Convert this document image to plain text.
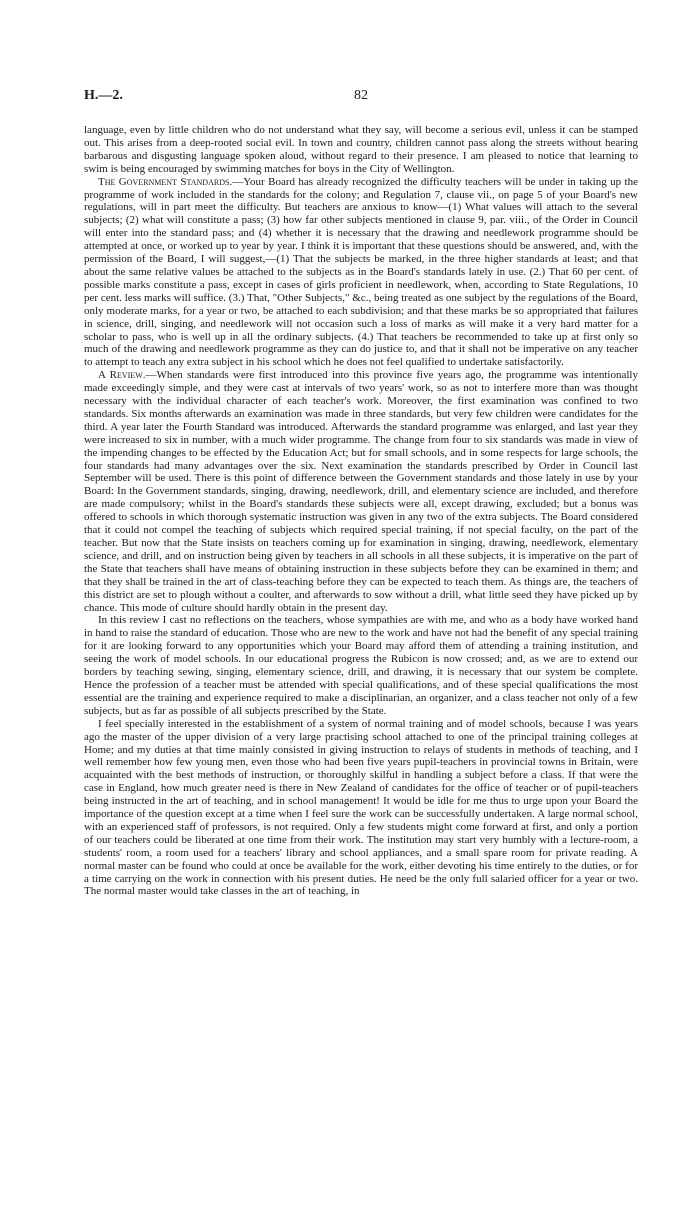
H.—2.	82

language, even by little children who do not understand what they say, will become a serious evil, unless it can be stamped out. This arises from a deep-rooted social evil. In town and country, children cannot pass along the streets without hearing barbarous and disgusting language spoken aloud, without regard to their presence. I am pleased to notice that learning to swim is being encouraged by swimming matches for boys in the City of Wellington.

The Government Standards.—Your Board has already recognized the difficulty teachers will be under in taking up the programme of work included in the standards for the colony; and Regulation 7, clause vii., on page 5 of your Board's new regulations, will in part meet the difficulty. But teachers are anxious to know—(1) What values will attach to the several subjects; (2) what will constitute a pass; (3) how far other subjects mentioned in clause 9, par. viii., of the Order in Council will enter into the standard pass; and (4) whether it is necessary that the drawing and needlework programme should be attempted at once, or worked up to year by year. I think it is important that these questions should be answered, and, with the permission of the Board, I will suggest,—(1) That the subjects be marked, in the three higher standards at least; and that about the same relative values be attached to the subjects as in the Board's standards lately in use. (2.) That 60 per cent. of possible marks constitute a pass, except in cases of girls proficient in needlework, when, according to State Regulations, 10 per cent. less marks will suffice. (3.) That, "Other Subjects," &c., being treated as one subject by the regulations of the Board, only moderate marks, for a year or two, be attached to each subdivision; and that these marks be so appropriated that failures in science, drill, singing, and needlework will not occasion such a loss of marks as will make it a very hard matter for a scholar to pass, who is well up in all the ordinary subjects. (4.) That teachers be recommended to take up at first only so much of the drawing and needlework programme as they can do justice to, and that it shall not be imperative on any teacher to attempt to teach any extra subject in his school which he does not feel qualified to undertake satisfactorily.

A Review.—When standards were first introduced into this province five years ago, the programme was intentionally made exceedingly simple, and they were cast at intervals of two years' work, so as not to interfere more than was thought necessary with the individual character of each teacher's work. Moreover, the first examination was confined to two standards. Six months afterwards an examination was made in three standards, but very few children were candidates for the third. A year later the Fourth Standard was introduced. Afterwards the standard programme was enlarged, and last year they were increased to six in number, with a much wider programme. The change from four to six standards was made in view of the impending changes to be effected by the Education Act; but for small schools, and in some respects for large schools, the four standards had many advantages over the six. Next examination the standards prescribed by Order in Council last September will be used. There is this point of difference between the Government standards and those lately in use by your Board: In the Government standards, singing, drawing, needlework, drill, and elementary science are included, and therefore are made compulsory; whilst in the Board's standards these subjects were all, except drawing, excluded; but a bonus was offered to schools in which thorough systematic instruction was given in any two of the extra subjects. The Board considered that it could not compel the teaching of subjects which required special training, if not special faculty, on the part of the teacher. But now that the State insists on teachers coming up for examination in singing, drawing, needlework, elementary science, and drill, and on instruction being given by teachers in all schools in all these subjects, it is imperative on the part of the State that teachers shall have means of obtaining instruction in these subjects before they can be examined in them; and that they shall be trained in the art of class-teaching before they can be expected to teach them. As things are, the teachers of this district are set to plough without a coulter, and afterwards to sow without a drill, what little seed they have picked up by chance. This mode of culture should hardly obtain in the present day.

In this review I cast no reflections on the teachers, whose sympathies are with me, and who as a body have worked hand in hand to raise the standard of education. Those who are new to the work and have not had the benefit of any special training for it are looking forward to any opportunities which your Board may afford them of attending a training institution, and seeing the work of model schools. In our educational progress the Rubicon is now crossed; and, as we are to extend our borders by teaching sewing, singing, elementary science, drill, and drawing, it is necessary that our system be complete. Hence the profession of a teacher must be attended with special qualifications, and of these special qualifications the most essential are the training and experience required to make a disciplinarian, an organizer, and a class teacher not only of a few subjects, but as far as possible of all subjects prescribed by the State.

I feel specially interested in the establishment of a system of normal training and of model schools, because I was years ago the master of the upper division of a very large practising school attached to one of the principal training colleges at Home; and my duties at that time mainly consisted in giving instruction to relays of students in methods of teaching, and I well remember how few young men, even those who had been five years pupil-teachers in provincial towns in Britain, were acquainted with the best methods of instruction, or thoroughly skilful in handling a subject before a class. If that were the case in England, how much greater need is there in New Zealand of candidates for the office of teacher or of pupil-teachers being instructed in the art of teaching, and in school management! It would be idle for me thus to urge upon your Board the importance of the question except at a time when I feel sure the work can be successfully undertaken. A large normal school, with an experienced staff of professors, is not required. Only a few students might come forward at first, and only a portion of our teachers could be liberated at one time from their work. The institution may start very humbly with a lecture-room, a students' room, a room used for a teachers' library and school appliances, and a small spare room for private reading. A normal master can be found who could at once be available for the work, either devoting his time entirely to the duties, or for a time carrying on the work in connection with his present duties. He need be the only full salaried officer for a year or two. The normal master would take classes in the art of teaching, in
